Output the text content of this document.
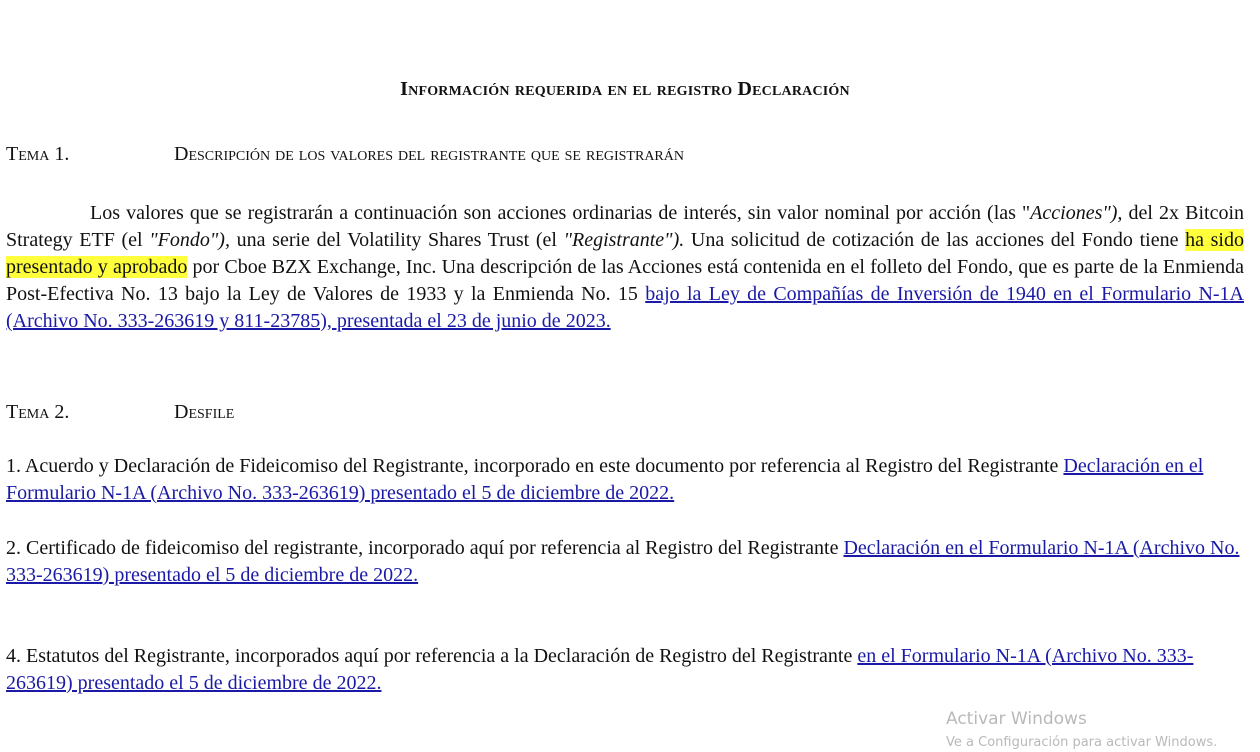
Información requerida en el registro Declaración
Tema 1.	Descripción de los valores del registrante que se registrarán

Los valores que se registrarán a continuación son acciones ordinarias de interés, sin valor nominal por acción (las "Acciones"), del 2x Bitcoin Strategy ETF (el "Fondo"), una serie del Volatility Shares Trust (el "Registrante"). Una solicitud de cotización de las acciones del Fondo tiene ha sido presentado y aprobado por Cboe BZX Exchange, Inc. Una descripción de las Acciones está contenida en el folleto del Fondo, que es parte de la Enmienda Post-Efectiva No. 13 bajo la Ley de Valores de 1933 y la Enmienda No. 15 bajo la Ley de Compañías de Inversión de 1940 en el Formulario N-1A (Archivo No. 333-263619 y 811-23785), presentada el 23 de junio de 2023.

Tema 2.	Desfile

1. Acuerdo y Declaración de Fideicomiso del Registrante, incorporado en este documento por referencia al Registro del Registrante Declaración en el Formulario N-1A (Archivo No. 333-263619) presentado el 5 de diciembre de 2022.

2. Certificado de fideicomiso del registrante, incorporado aquí por referencia al Registro del Registrante Declaración en el Formulario N-1A (Archivo No. 333-263619) presentado el 5 de diciembre de 2022.

4. Estatutos del Registrante, incorporados aquí por referencia a la Declaración de Registro del Registrante en el Formulario N-1A (Archivo No. 333-263619) presentado el 5 de diciembre de 2022.

Activar Windows
Ve a Configuración para activar Windows.
